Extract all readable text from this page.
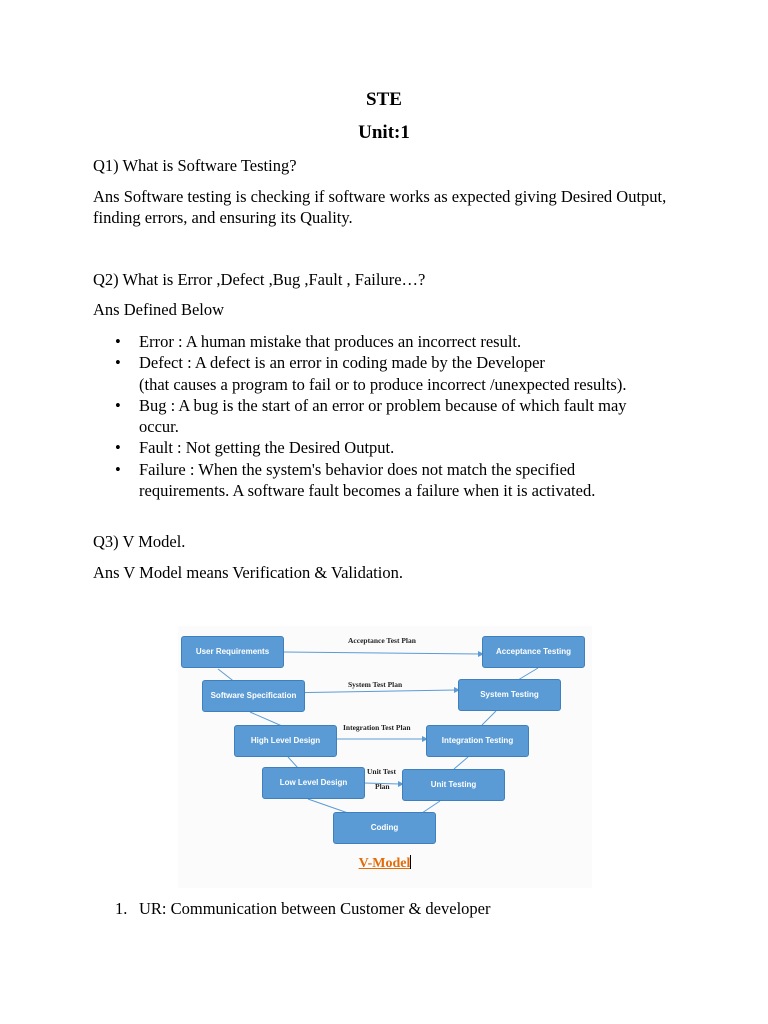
STE
Unit:1
Q1) What is Software Testing?
Ans Software testing is checking if software works as expected giving Desired Output, finding errors, and ensuring its Quality.
Q2) What is Error ,Defect ,Bug ,Fault , Failure…?
Ans Defined Below
• Error : A human mistake that produces an incorrect result.
• Defect : A defect is an error in coding made by the Developer
(that causes a program to fail or to produce incorrect /unexpected results).
• Bug : A bug is the start of an error or problem because of which fault may
occur.
• Fault : Not getting the Desired Output.
• Failure : When the system's behavior does not match the specified
requirements. A software fault becomes a failure when it is activated.
Q3) V Model.
Ans V Model means Verification & Validation.
User Requirements
Software Specification
High Level Design
Low Level Design
Coding
Unit Testing
Integration Testing
System Testing
Acceptance Testing
Acceptance Test Plan
System Test Plan
Integration Test Plan
Unit Test
Plan
V-Model
1. UR: Communication between Customer & developer
